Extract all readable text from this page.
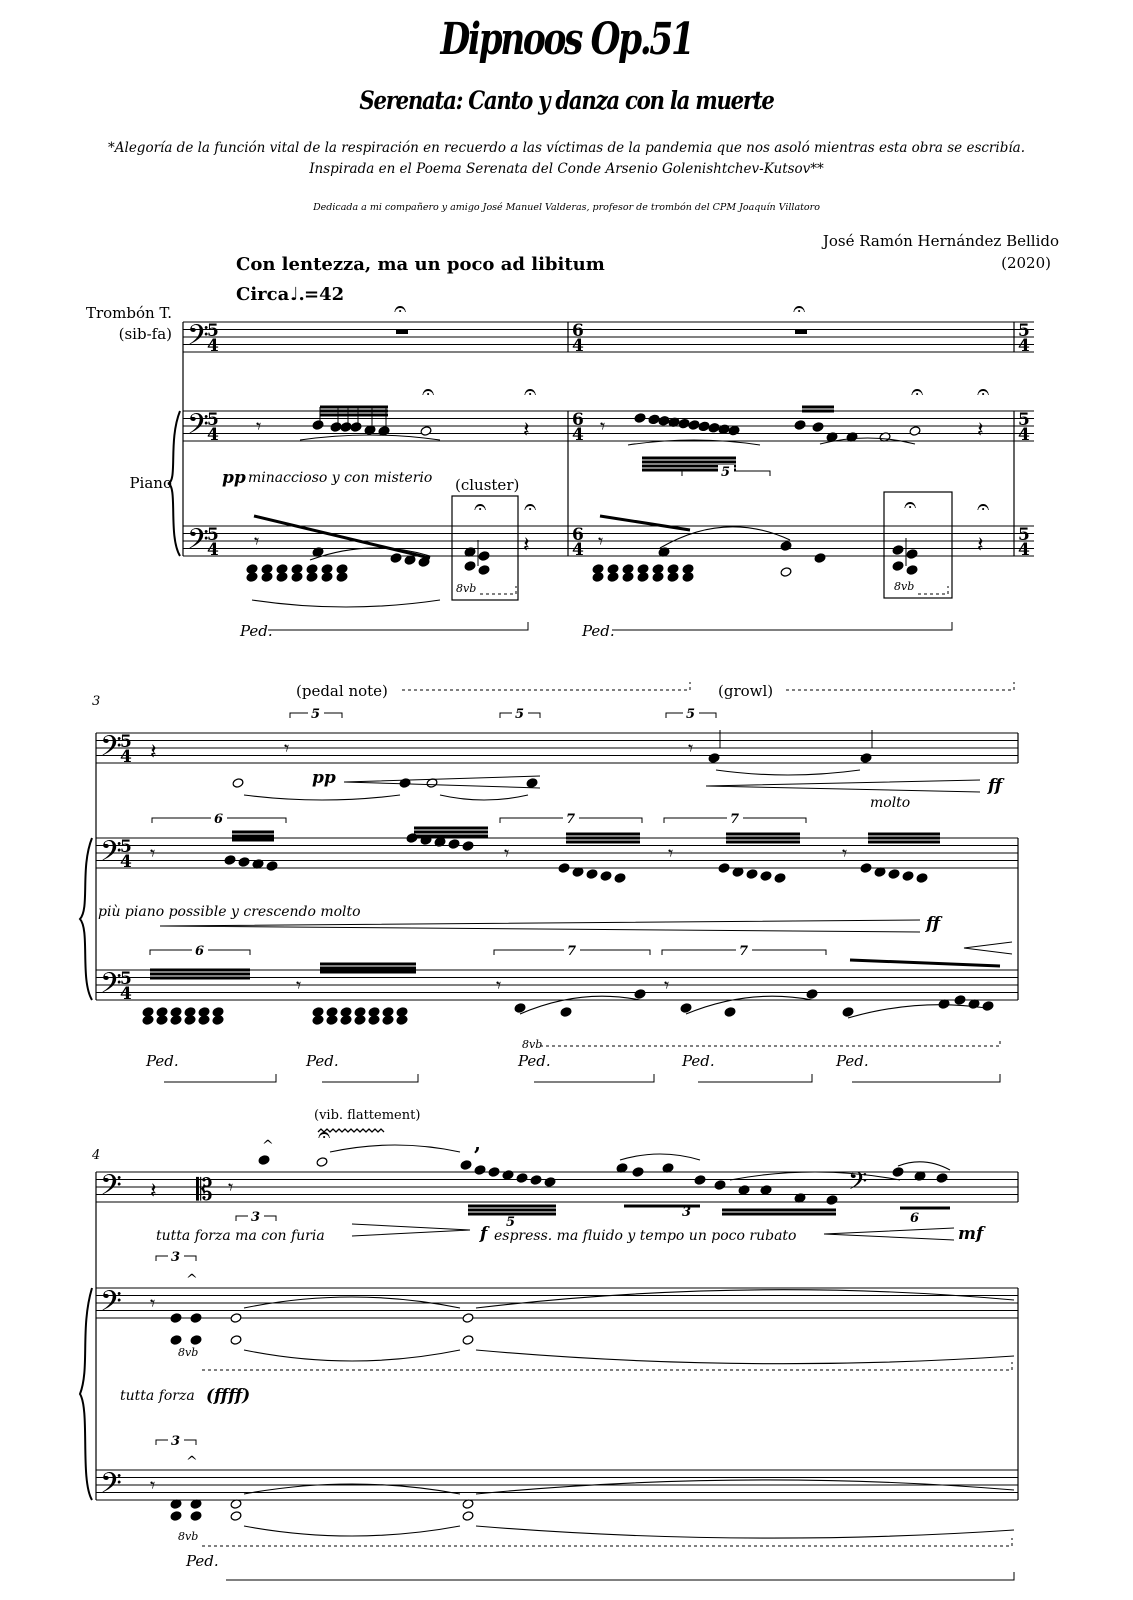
Dipnoos Op.51
Serenata: Canto y danza con la muerte
*Alegoría de la función vital de la respiración en recuerdo a las víctimas de la pandemia que nos asoló mientras esta obra se escribía.
Inspirada en el Poema Serenata del Conde Arsenio Golenishtchev-Kutsov**
Dedicada a mi compañero y amigo José Manuel Valderas, profesor de trombón del CPM Joaquín Villatoro
José Ramón Hernández Bellido
(2020)
Con lentezza, ma un poco ad libitum
Circa ♩. =42
Trombón T.
(sib-fa)
Piano	pp minaccioso y con misterio (cluster)
Ped.	Ped.
3
(pedal note)	(growl)
pp
molto
ff
più piano possible y crescendo molto
ff
Ped.	Ped.	Ped.	Ped.	Ped.
4
(vib. flattement)
tutta forza ma con furia	f espress. ma fluido y tempo un poco rubato	mf
tutta forza (ffff)
Ped.
𝄢
𝄢
𝄢
5
4
6
4
5
4
5
4
6
4
5
4
5
4
6
4
5
4
𝄐	𝄐
𝄾
𝄐
𝄽
𝄐
𝄾
5
𝄐
𝄽
𝄐
𝄾
𝄐
8vb
𝄽
𝄐
𝄾
𝄐
8vb
𝄽
𝄐
𝄢
𝄢
𝄢
5
4
5
4
5
4
𝄽	𝄾
5	5	5
𝄾
𝄾
6
𝄾
7
𝄾
7
𝄾
6
𝄾	𝄾
7
𝄾
7
8vb
𝄢
𝄢
𝄢
𝄡
𝄽	𝄾
^ 𝄐
3
,
5
3
𝄢
6
𝄾
3
^
8vb
𝄾
3
^
8vb
